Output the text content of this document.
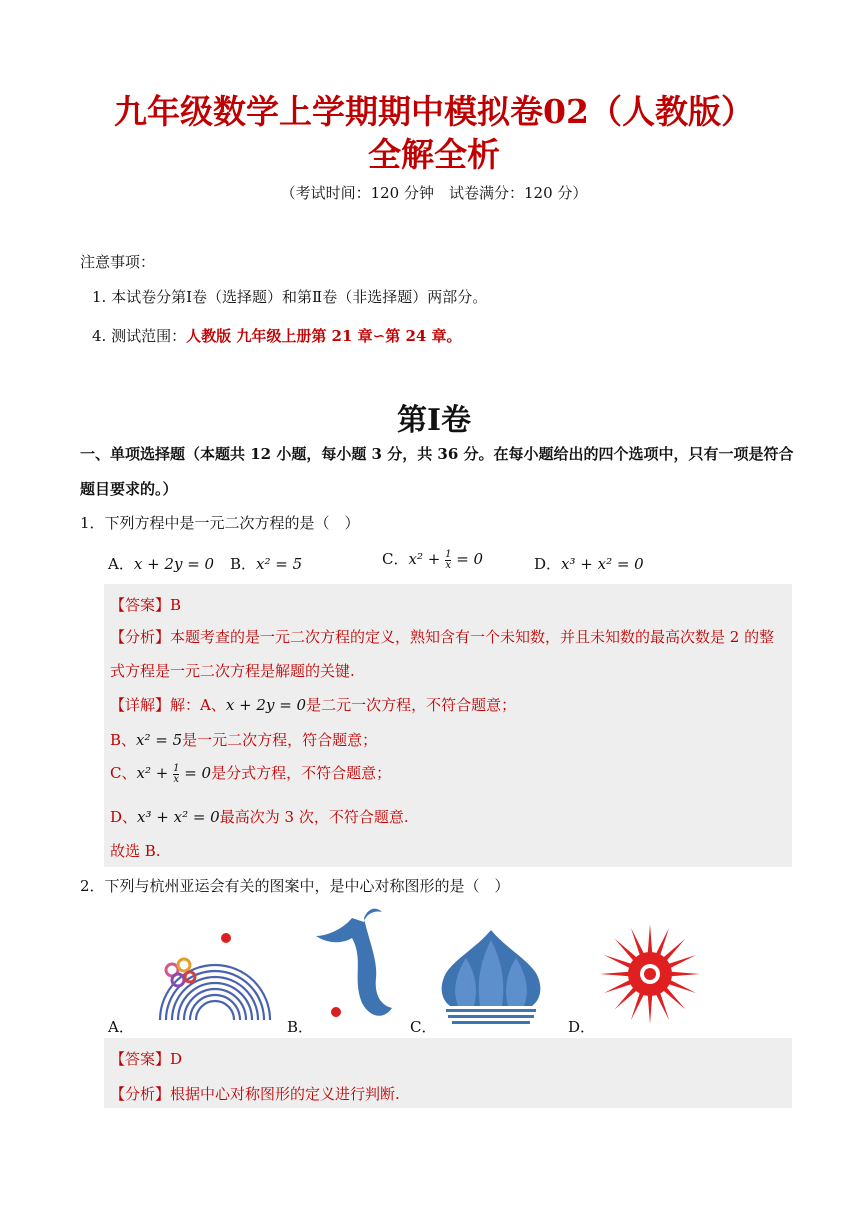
九年级数学上学期期中模拟卷02（人教版）
全解全析
（考试时间：120 分钟　试卷满分：120 分）
注意事项：
1. 本试卷分第Ⅰ卷（选择题）和第Ⅱ卷（非选择题）两部分。
4. 测试范围：人教版 九年级上册第 21 章∽第 24 章。
第Ⅰ卷
一、单项选择题（本题共 12 小题，每小题 3 分，共 36 分。在每小题给出的四个选项中，只有一项是符合
题目要求的。）
1．下列方程中是一元二次方程的是（　）
A．x + 2y = 0 B．x² = 5	C．$x^2 + \frac{1}{x} = 0$	D．x³ + x² = 0
【答案】B
【分析】本题考查的是一元二次方程的定义，熟知含有一个未知数，并且未知数的最高次数是 2 的整
式方程是一元二次方程是解题的关键.
【详解】解：A、x + 2y = 0是二元一次方程，不符合题意；
B、x² = 5是一元二次方程，符合题意；
C、$x^2 + \frac{1}{x} = 0$是分式方程，不符合题意；
D、x³ + x² = 0最高次为 3 次，不符合题意.
故选 B.
2．下列与杭州亚运会有关的图案中，是中心对称图形的是（　）
A．	B．	C．	D．
【答案】D
【分析】根据中心对称图形的定义进行判断.
